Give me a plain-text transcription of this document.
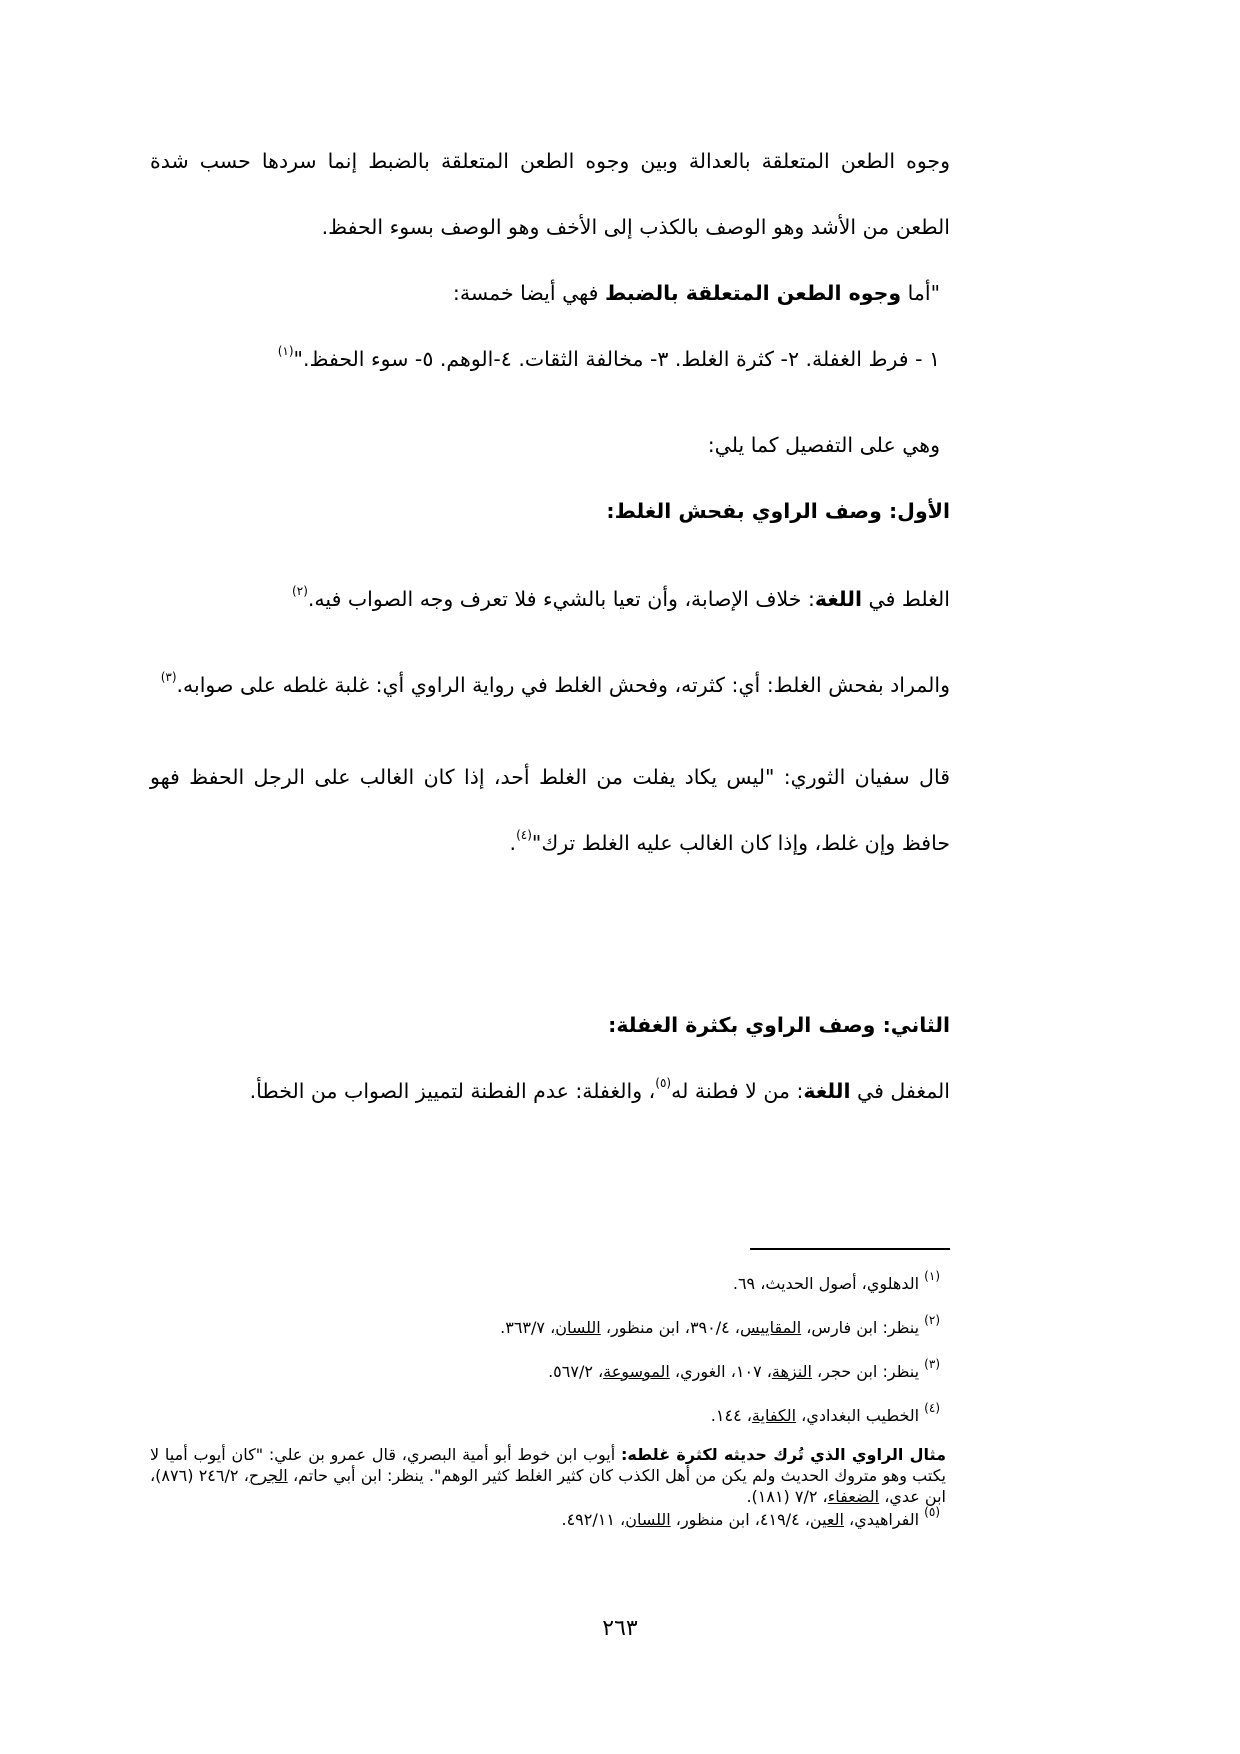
وجوه الطعن المتعلقة بالعدالة وبين وجوه الطعن المتعلقة بالضبط إنما سردها حسب شدة الطعن من الأشد وهو الوصف بالكذب إلى الأخف وهو الوصف بسوء الحفظ.
"أما وجوه الطعن المتعلقة بالضبط فهي أيضا خمسة:
١ - فرط الغفلة. ٢- كثرة الغلط. ٣- مخالفة الثقات. ٤-الوهم. ٥- سوء الحفظ."$^{(١)}$
وهي على التفصيل كما يلي:
الأول: وصف الراوي بفحش الغلط:
الغلط في اللغة: خلاف الإصابة، وأن تعيا بالشيء فلا تعرف وجه الصواب فيه.$^{(٢)}$
والمراد بفحش الغلط: أي: كثرته، وفحش الغلط في رواية الراوي أي: غلبة غلطه على صوابه.$^{(٣)}$
قال سفيان الثوري: "ليس يكاد يفلت من الغلط أحد، إذا كان الغالب على الرجل الحفظ فهو حافظ وإن غلط، وإذا كان الغالب عليه الغلط ترك"$^{(٤)}$.
الثاني: وصف الراوي بكثرة الغفلة:
المغفل في اللغة: من لا فطنة له$^{(٥)}$، والغفلة: عدم الفطنة لتمييز الصواب من الخطأ.
$^{(١)}$ الدهلوي، أصول الحديث، ٦٩.
$^{(٢)}$ ينظر: ابن فارس، المقاييس، ٣٩٠/٤، ابن منظور، اللسان، ٣٦٣/٧.
$^{(٣)}$ ينظر: ابن حجر، النزهة، ١٠٧، الغوري، الموسوعة، ٥٦٧/٢.
$^{(٤)}$ الخطيب البغدادي، الكفاية، ١٤٤.
مثال الراوي الذي تُرك حديثه لكثرة غلطه: أيوب ابن خوط أبو أمية البصري، قال عمرو بن علي: "كان أيوب أميا لا يكتب وهو متروك الحديث ولم يكن من أهل الكذب كان كثير الغلط كثير الوهم". ينظر: ابن أبي حاتم، الجرح، ٢٤٦/٢ (٨٧٦)، ابن عدي، الضعفاء، ٧/٢ (١٨١).
$^{(٥)}$ الفراهيدي، العين، ٤١٩/٤، ابن منظور، اللسان، ٤٩٢/١١.
٢٦٣
